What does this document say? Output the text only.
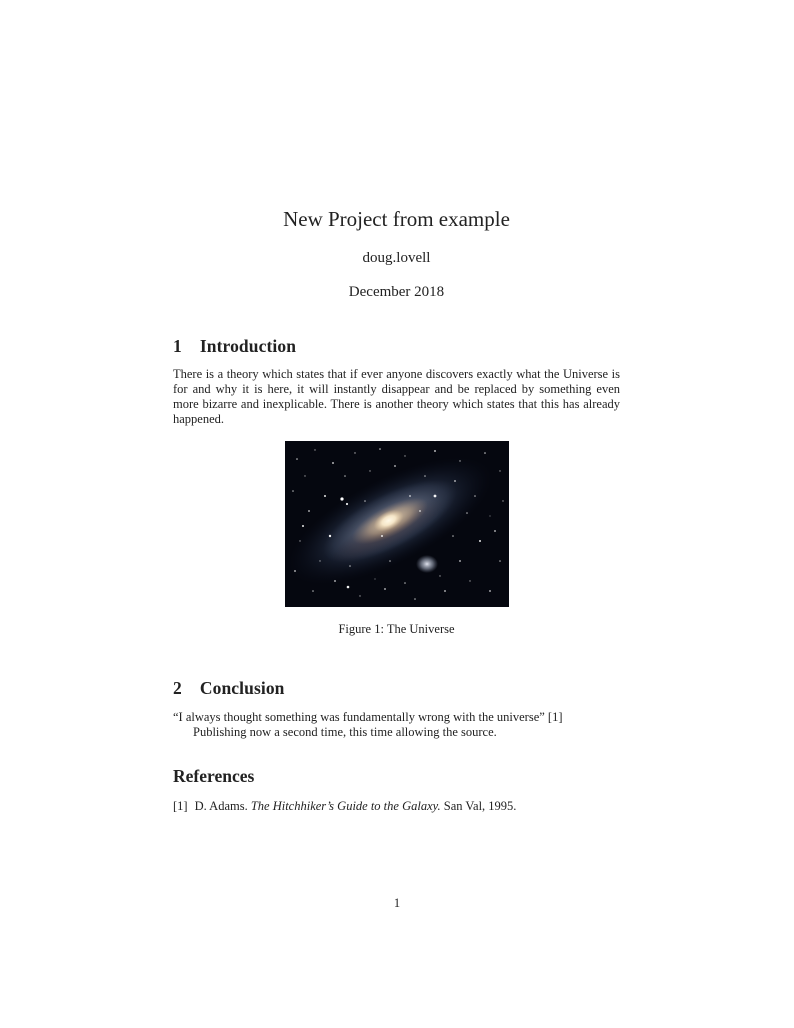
New Project from example
doug.lovell
December 2018
1 Introduction
There is a theory which states that if ever anyone discovers exactly what the Universe is for and why it is here, it will instantly disappear and be replaced by something even more bizarre and inexplicable. There is another theory which states that this has already happened.
Figure 1: The Universe
2 Conclusion
“I always thought something was fundamentally wrong with the universe” [1]
Publishing now a second time, this time allowing the source.
References
[1] D. Adams. The Hitchhiker’s Guide to the Galaxy. San Val, 1995.
1
